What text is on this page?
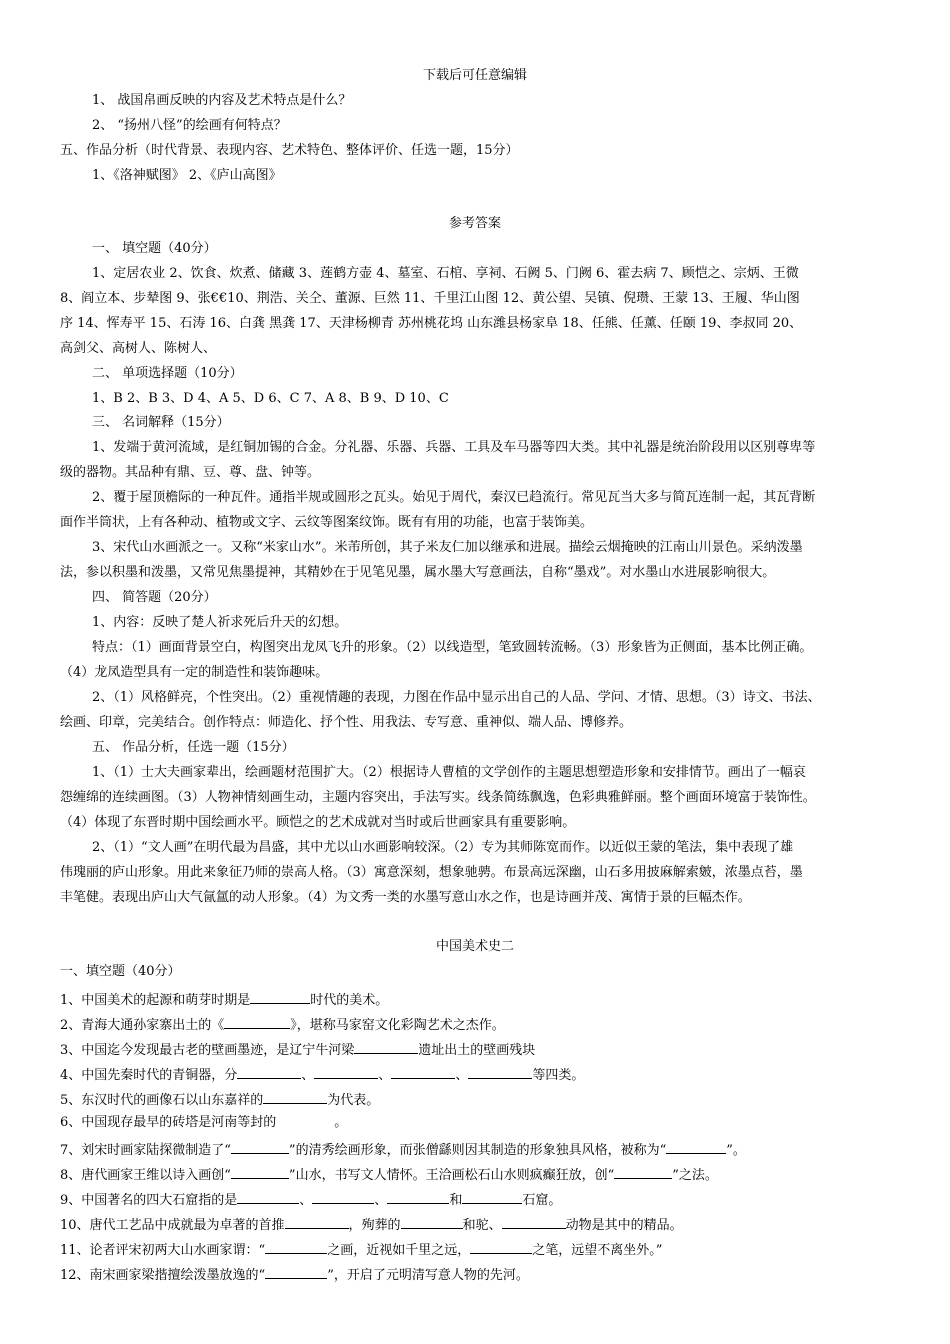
下载后可任意编辑
1、 战国帛画反映的内容及艺术特点是什么？
2、 “扬州八怪”的绘画有何特点？
五、作品分析（时代背景、表现内容、艺术特色、整体评价、任选一题，15分）
1、《洛神赋图》 2、《庐山高图》
参考答案
一、 填空题（40分）
1、定居农业 2、饮食、炊煮、储藏 3、莲鹤方壶 4、墓室、石棺、享祠、石阙 5、门阙 6、霍去病 7、顾恺之、宗炳、王微
8、阎立本、步辇图 9、张€€10、荆浩、关仝、董源、巨然 11、千里江山图 12、黄公望、吴镇、倪瓒、王蒙 13、王履、华山图
序 14、恽寿平 15、石涛 16、白龚 黑龚 17、天津杨柳青 苏州桃花坞 山东潍县杨家阜 18、任熊、任薰、任颐 19、李叔同 20、
高剑父、高树人、陈树人、
二、 单项选择题（10分）
1、B 2、B 3、D 4、A 5、D 6、C 7、A 8、B 9、D 10、C
三、 名词解释（15分）
1、发端于黄河流域，是红铜加锡的合金。分礼器、乐器、兵器、工具及车马器等四大类。其中礼器是统治阶段用以区别尊卑等
级的器物。其品种有鼎、豆、尊、盘、钟等。
2、覆于屋顶檐际的一种瓦件。通指半规或圆形之瓦头。始见于周代，秦汉已趋流行。常见瓦当大多与简瓦连制一起，其瓦背断
面作半筒状，上有各种动、植物或文字、云纹等图案纹饰。既有有用的功能，也富于装饰美。
3、宋代山水画派之一。又称“米家山水”。米芾所创，其子米友仁加以继承和进展。描绘云烟掩映的江南山川景色。采纳泼墨
法，参以积墨和泼墨，又常见焦墨提神，其精妙在于见笔见墨，属水墨大写意画法，自称“墨戏”。对水墨山水进展影响很大。
四、 简答题（20分）
1、内容：反映了楚人祈求死后升天的幻想。
特点：（1）画面背景空白，构图突出龙凤飞升的形象。（2）以线造型，笔致圆转流畅。（3）形象皆为正侧面，基本比例正确。
（4）龙凤造型具有一定的制造性和装饰趣味。
2、（1）风格鲜亮，个性突出。（2）重视情趣的表现，力图在作品中显示出自己的人品、学问、才情、思想。（3）诗文、书法、
绘画、印章，完美结合。创作特点：师造化、抒个性、用我法、专写意、重神似、端人品、博修养。
五、 作品分析，任选一题（15分）
1、（1）士大夫画家辈出，绘画题材范围扩大。（2）根据诗人曹植的文学创作的主题思想塑造形象和安排情节。画出了一幅哀
怨缠绵的连续画图。（3）人物神情刻画生动，主题内容突出，手法写实。线条简练飘逸，色彩典雅鲜丽。整个画面环境富于装饰性。
（4）体现了东晋时期中国绘画水平。顾恺之的艺术成就对当时或后世画家具有重要影响。
2、（1）“文人画”在明代最为昌盛，其中尤以山水画影响较深。（2）专为其师陈宽而作。以近似王蒙的笔法，集中表现了雄
伟瑰丽的庐山形象。用此来象征乃师的崇高人格。（3）寓意深刻，想象驰骋。布景高远深幽，山石多用披麻解索皴，浓墨点苔，墨
丰笔健。表现出庐山大气氤氲的动人形象。（4）为文秀一类的水墨写意山水之作，也是诗画并茂、寓情于景的巨幅杰作。
中国美术史二
一、填空题（40分）
1、中国美术的起源和萌芽时期是	时代的美术。
2、青海大通孙家寨出土的《	》，堪称马家窑文化彩陶艺术之杰作。
3、中国迄今发现最古老的壁画墨迹，是辽宁牛河梁	遗址出土的壁画残块
4、中国先秦时代的青铜器，分	、	、	、	等四类。
5、东汉时代的画像石以山东嘉祥的	为代表。
6、中国现存最早的砖塔是河南等封的	。
7、刘宋时画家陆探微制造了“	”的清秀绘画形象，而张僧繇则因其制造的形象独具风格，被称为“	”。
8、唐代画家王维以诗入画创“	”山水，书写文人情怀。王洽画松石山水则疯癫狂放，创“	”之法。
9、中国著名的四大石窟指的是	、	、	和	石窟。
10、唐代工艺品中成就最为卓著的首推	，殉葬的	和驼、	动物是其中的精品。
11、论者评宋初两大山水画家谓：“	之画，近视如千里之远，	之笔，远望不离坐外。”
12、南宋画家梁揩擅绘泼墨放逸的“	”，开启了元明清写意人物的先河。
